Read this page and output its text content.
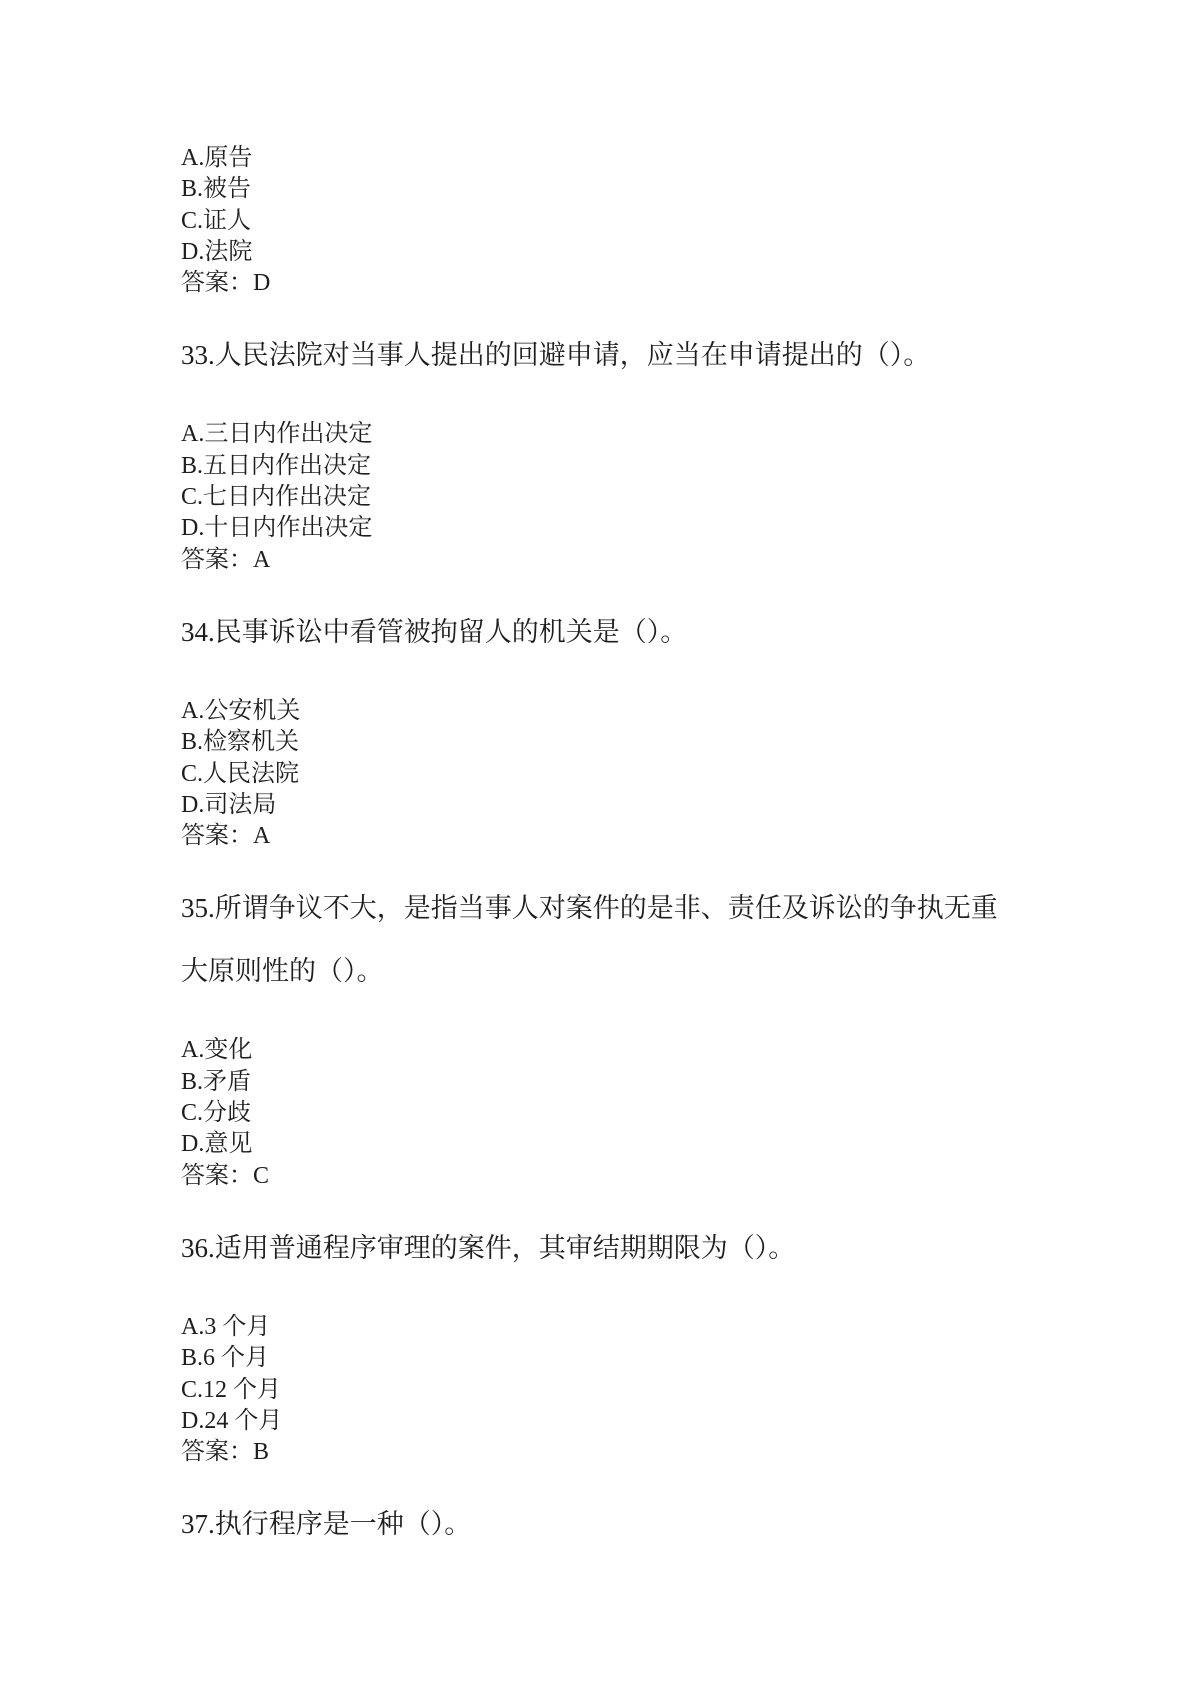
A.原告
B.被告
C.证人
D.法院
答案：D
33.人民法院对当事人提出的回避申请，应当在申请提出的（）。
A.三日内作出决定
B.五日内作出决定
C.七日内作出决定
D.十日内作出决定
答案：A
34.民事诉讼中看管被拘留人的机关是（）。
A.公安机关
B.检察机关
C.人民法院
D.司法局
答案：A
35.所谓争议不大，是指当事人对案件的是非、责任及诉讼的争执无重
大原则性的（）。
A.变化
B.矛盾
C.分歧
D.意见
答案：C
36.适用普通程序审理的案件，其审结期期限为（）。
A.3 个月
B.6 个月
C.12 个月
D.24 个月
答案：B
37.执行程序是一种（）。
